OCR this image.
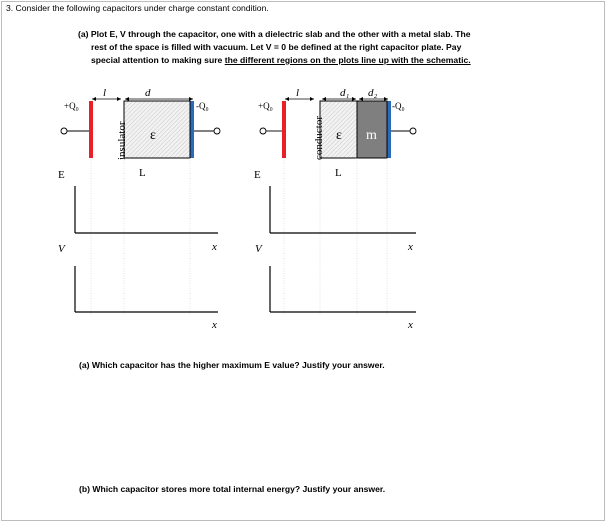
3. Consider the following capacitors under charge constant condition.
(a) Plot E, V through the capacitor, one with a dielectric slab and the other with a metal slab. The
rest of the space is filled with vacuum. Let V = 0 be defined at the right capacitor plate. Pay
special attention to making sure the different regions on the plots line up with the schematic.
l	d
+Q₀	-Q₀
ε
insulator
L
E
x
V
x
l	d₁ d₂
+Q₀	-Q₀
ε
conductor	m
L
E
x
V
x
(a) Which capacitor has the higher maximum E value? Justify your answer.
(b) Which capacitor stores more total internal energy? Justify your answer.
